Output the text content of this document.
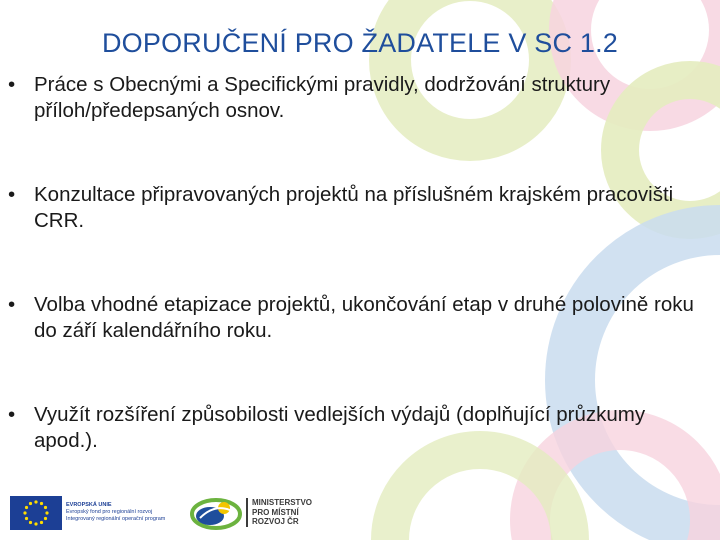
DOPORUČENÍ PRO ŽADATELE V SC 1.2
• Práce s Obecnými a Specifickými pravidly, dodržování struktury příloh/předepsaných osnov.
• Konzultace připravovaných projektů na příslušném krajském pracovišti CRR.
• Volba vhodné etapizace projektů, ukončování etap v druhé polovině roku do září kalendářního roku.
• Využít rozšíření způsobilosti vedlejších výdajů (doplňující průzkumy apod.).
EVROPSKÁ UNIE
Evropský fond pro regionální rozvoj
Integrovaný regionální operační program
MINISTERSTVO
PRO MÍSTNÍ
ROZVOJ ČR
